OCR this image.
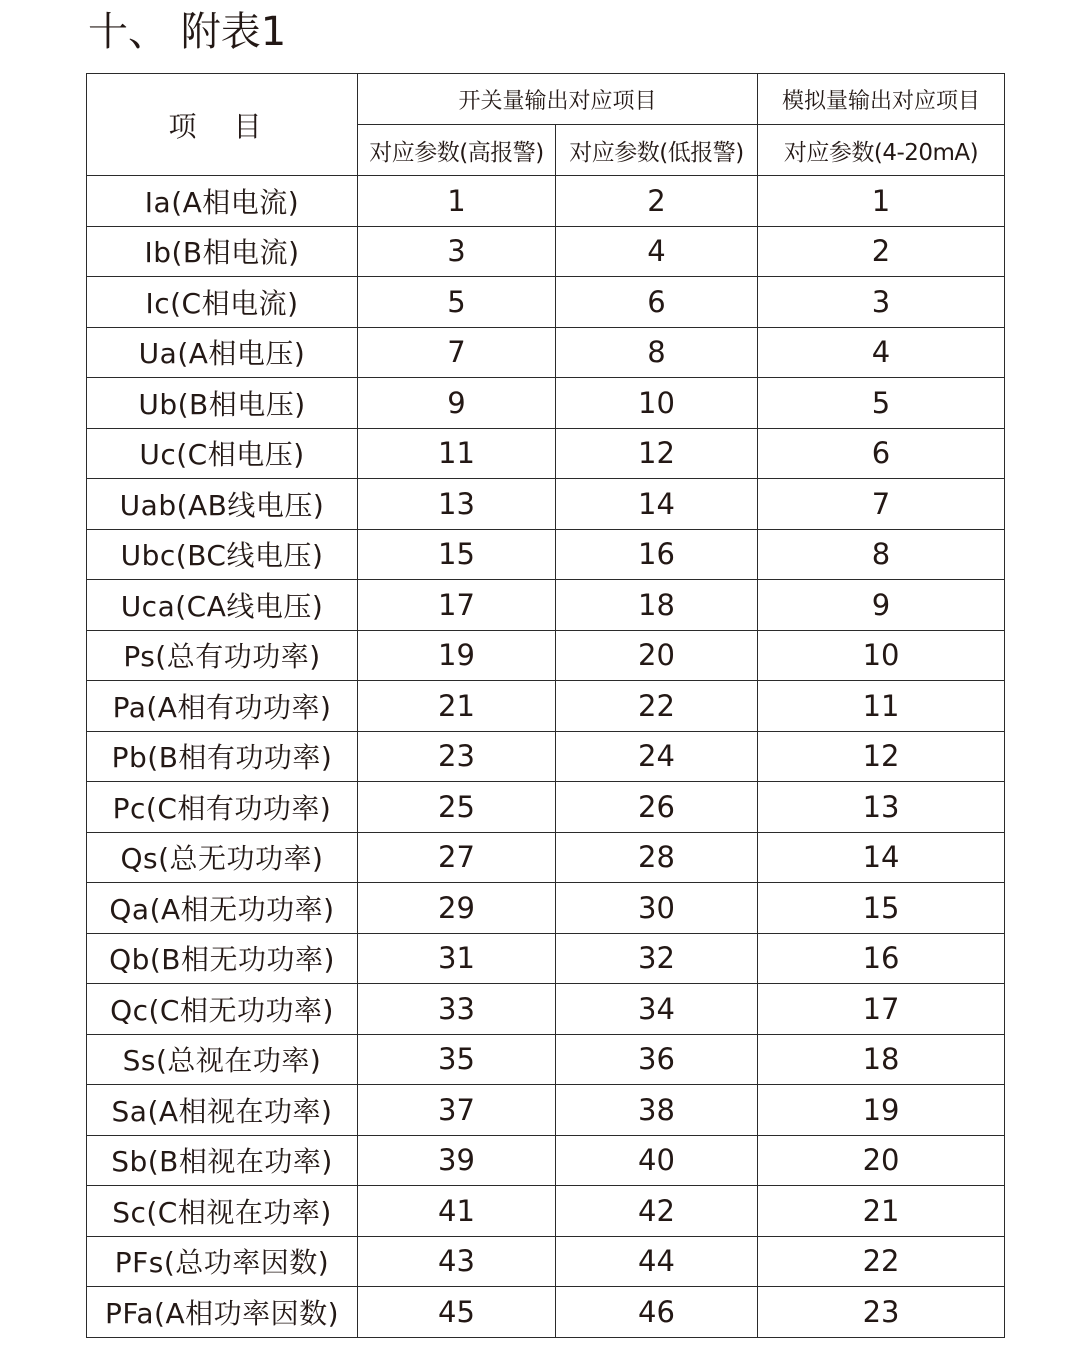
十、 附表1
项 目	开关量输出对应项目		模拟量输出对应项目
	对应参数(高报警)	对应参数(低报警)	对应参数(4-20mA)
Ia(A相电流)	1	2	1
Ib(B相电流)	3	4	2
Ic(C相电流)	5	6	3
Ua(A相电压)	7	8	4
Ub(B相电压)	9	10	5
Uc(C相电压)	11	12	6
Uab(AB线电压)	13	14	7
Ubc(BC线电压)	15	16	8
Uca(CA线电压)	17	18	9
Ps(总有功功率)	19	20	10
Pa(A相有功功率)	21	22	11
Pb(B相有功功率)	23	24	12
Pc(C相有功功率)	25	26	13
Qs(总无功功率)	27	28	14
Qa(A相无功功率)	29	30	15
Qb(B相无功功率)	31	32	16
Qc(C相无功功率)	33	34	17
Ss(总视在功率)	35	36	18
Sa(A相视在功率)	37	38	19
Sb(B相视在功率)	39	40	20
Sc(C相视在功率)	41	42	21
PFs(总功率因数)	43	44	22
PFa(A相功率因数)	45	46	23
